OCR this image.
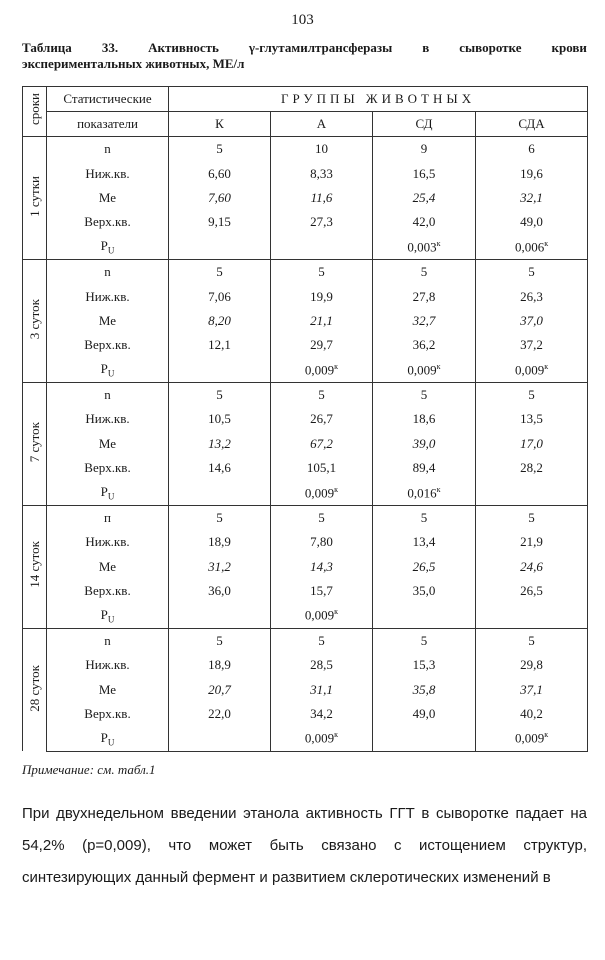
103
Таблица 33. Активность γ-глутамилтрансферазы в сыворотке крови
экспериментальных животных, МЕ/л
сроки	Статистические	ГРУППЫ ЖИВОТНЫХ			
	показатели	К	А	СД	СДА
1 сутки	n	5	10	9	6
	Ниж.кв.	6,60	8,33	16,5	19,6
	Ме	7,60	11,6	25,4	32,1
	Верх.кв.	9,15	27,3	42,0	49,0
	$P_U$			$0,003^к$	$0,006^к$
3 суток	n	5	5	5	5
	Ниж.кв.	7,06	19,9	27,8	26,3
	Ме	8,20	21,1	32,7	37,0
	Верх.кв.	12,1	29,7	36,2	37,2
	$P_U$		$0,009^к$	$0,009^к$	$0,009^к$
7 суток	n	5	5	5	5
	Ниж.кв.	10,5	26,7	18,6	13,5
	Ме	13,2	67,2	39,0	17,0
	Верх.кв.	14,6	105,1	89,4	28,2
	$P_U$		$0,009^к$	$0,016^к$	
14 суток	п	5	5	5	5
	Ниж.кв.	18,9	7,80	13,4	21,9
	Ме	31,2	14,3	26,5	24,6
	Верх.кв.	36,0	15,7	35,0	26,5
	$P_U$		$0,009^к$		
28 суток	n	5	5	5	5
	Ниж.кв.	18,9	28,5	15,3	29,8
	Ме	20,7	31,1	35,8	37,1
	Верх.кв.	22,0	34,2	49,0	40,2
	$P_U$		$0,009^к$		$0,009^к$
Примечание: см. табл.1
При двухнедельном введении этанола активность ГГТ в сыворотке падает на 54,2% (p=0,009), что может быть связано с истощением структур, синтезирующих данный фермент и развитием склеротических изменений в
